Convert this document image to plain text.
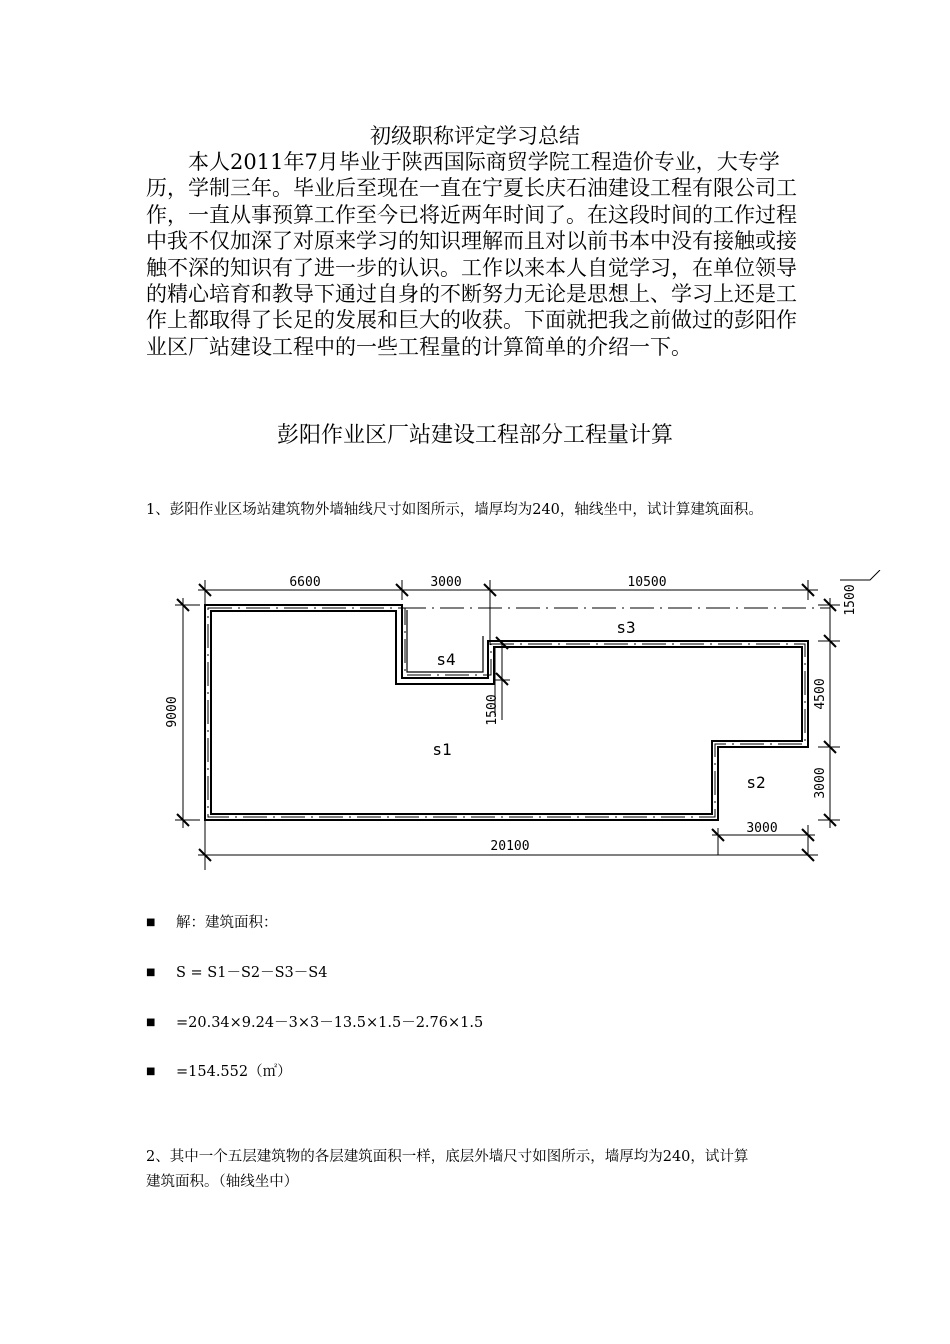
初级职称评定学习总结
　　本人2011年7月毕业于陕西国际商贸学院工程造价专业，大专学历，学制三年。毕业后至现在一直在宁夏长庆石油建设工程有限公司工作，一直从事预算工作至今已将近两年时间了。在这段时间的工作过程中我不仅加深了对原来学习的知识理解而且对以前书本中没有接触或接触不深的知识有了进一步的认识。工作以来本人自觉学习，在单位领导的精心培育和教导下通过自身的不断努力无论是思想上、学习上还是工作上都取得了长足的发展和巨大的收获。下面就把我之前做过的彭阳作业区厂站建设工程中的一些工程量的计算简单的介绍一下。
彭阳作业区厂站建设工程部分工程量计算
1、彭阳作业区场站建筑物外墙轴线尺寸如图所示，墙厚均为240，轴线坐中，试计算建筑面积。
6600	3000	10500
20100
3000
9000
1500
4500
3000
1500
s1
s2
s3
s4
■	解：建筑面积：
■	S = S1－S2－S3－S4
■	=20.34×9.24－3×3－13.5×1.5－2.76×1.5
■	=154.552（㎡）
2、其中一个五层建筑物的各层建筑面积一样，底层外墙尺寸如图所示，墙厚均为240，试计算
建筑面积。（轴线坐中）
